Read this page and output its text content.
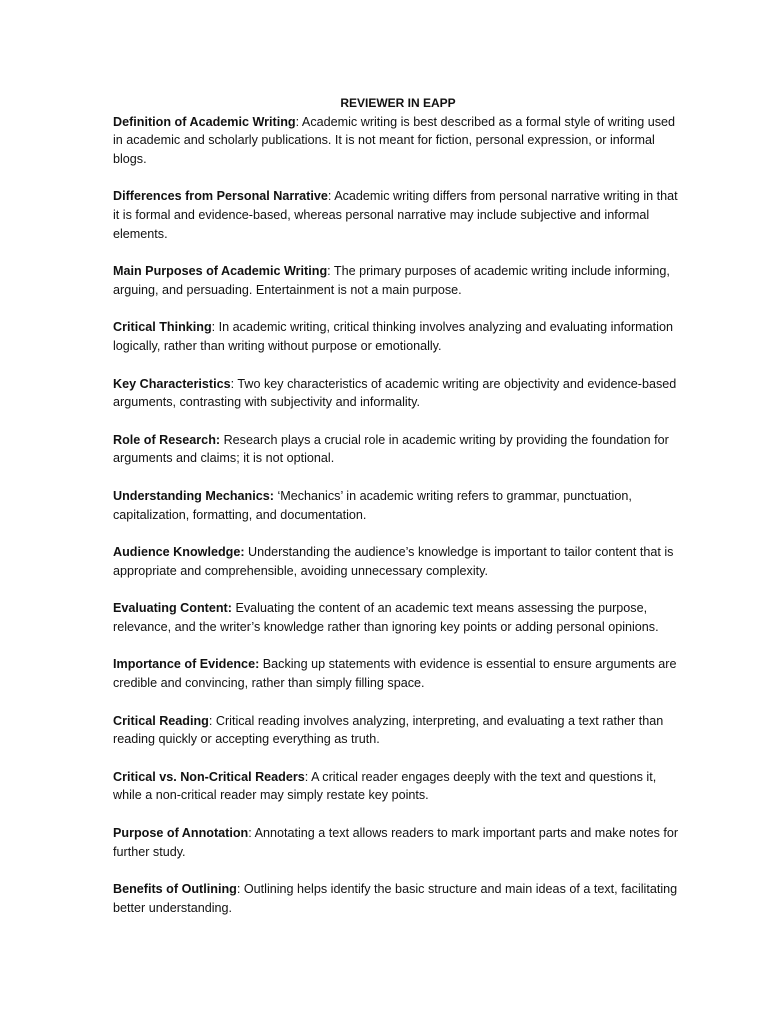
REVIEWER IN EAPP

Definition of Academic Writing: Academic writing is best described as a formal style of writing used in academic and scholarly publications. It is not meant for fiction, personal expression, or informal blogs.

Differences from Personal Narrative: Academic writing differs from personal narrative writing in that it is formal and evidence-based, whereas personal narrative may include subjective and informal elements.

Main Purposes of Academic Writing: The primary purposes of academic writing include informing, arguing, and persuading. Entertainment is not a main purpose.

Critical Thinking: In academic writing, critical thinking involves analyzing and evaluating information logically, rather than writing without purpose or emotionally.

Key Characteristics: Two key characteristics of academic writing are objectivity and evidence-based arguments, contrasting with subjectivity and informality.

Role of Research: Research plays a crucial role in academic writing by providing the foundation for arguments and claims; it is not optional.

Understanding Mechanics: ‘Mechanics’ in academic writing refers to grammar, punctuation, capitalization, formatting, and documentation.

Audience Knowledge: Understanding the audience’s knowledge is important to tailor content that is appropriate and comprehensible, avoiding unnecessary complexity.

Evaluating Content: Evaluating the content of an academic text means assessing the purpose, relevance, and the writer’s knowledge rather than ignoring key points or adding personal opinions.

Importance of Evidence: Backing up statements with evidence is essential to ensure arguments are credible and convincing, rather than simply filling space.

Critical Reading: Critical reading involves analyzing, interpreting, and evaluating a text rather than reading quickly or accepting everything as truth.

Critical vs. Non-Critical Readers: A critical reader engages deeply with the text and questions it, while a non-critical reader may simply restate key points.

Purpose of Annotation: Annotating a text allows readers to mark important parts and make notes for further study.

Benefits of Outlining: Outlining helps identify the basic structure and main ideas of a text, facilitating better understanding.
